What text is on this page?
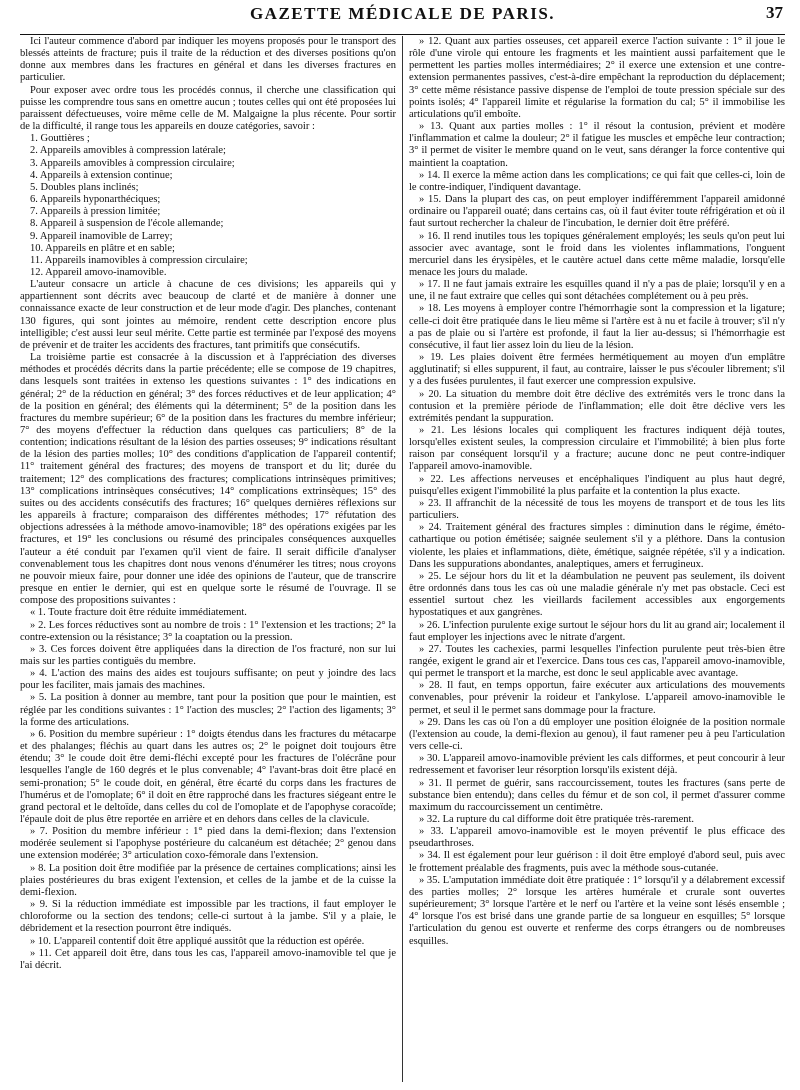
GAZETTE MÉDICALE DE PARIS.	37

Ici l'auteur commence d'abord par indiquer les moyens proposés pour le transport des blessés atteints de fracture; puis il traite de la réduction et des diverses positions qu'on donne aux membres dans les fractures en général et dans les diverses fractures en particulier.

Pour exposer avec ordre tous les procédés connus, il cherche une classification qui puisse les comprendre tous sans en omettre aucun ; toutes celles qui ont été proposées lui paraissent défectueuses, voire même celle de M. Malgaigne la plus récente. Pour sortir de la difficulté, il range tous les appareils en douze catégories, savoir :

1. Gouttières ;
2. Appareils amovibles à compression latérale;
3. Appareils amovibles à compression circulaire;
4. Appareils à extension continue;
5. Doubles plans inclinés;
6. Appareils hyponarthéciques;
7. Appareils à pression limitée;
8. Appareil à suspension de l'école allemande;
9. Appareil inamovible de Larrey;
10. Appareils en plâtre et en sable;
11. Appareils inamovibles à compression circulaire;
12. Appareil amovo-inamovible.

L'auteur consacre un article à chacune de ces divisions; les appareils qui y appartiennent sont décrits avec beaucoup de clarté et de manière à donner une connaissance exacte de leur construction et de leur mode d'agir. Des planches, contenant 130 figures, qui sont jointes au mémoire, rendent cette description encore plus intelligible; c'est aussi leur seul mérite. Cette partie est terminée par l'exposé des moyens de prévenir et de traiter les accidents des fractures, tant primitifs que consécutifs.

La troisième partie est consacrée à la discussion et à l'appréciation des diverses méthodes et procédés décrits dans la partie précédente; elle se compose de 19 chapitres, dans lesquels sont traitées in extenso les questions suivantes : 1° des indications en général; 2° de la réduction en général; 3° des forces réductives et de leur application; 4° de la position en général; des éléments qui la déterminent; 5° de la position dans les fractures du membre supérieur; 6° de la position dans les fractures du membre inférieur; 7° des moyens d'effectuer la réduction dans quelques cas particuliers; 8° de la contention; indications résultant de la lésion des parties osseuses; 9° indications résultant de la lésion des parties molles; 10° des conditions d'application de l'appareil contentif; 11° traitement général des fractures; des moyens de transport et du lit; durée du traitement; 12° des complications des fractures; complications intrinsèques primitives; 13° complications intrinsèques consécutives; 14° complications extrinsèques; 15° des suites ou des accidents consécutifs des fractures; 16° quelques dernières réflexions sur les appareils à fracture; comparaison des différentes méthodes; 17° réfutation des objections adressées à la méthode amovo-inamovible; 18° des opérations exigées par les fractures, et 19° les conclusions ou résumé des principales conséquences auxquelles l'auteur a été conduit par l'examen qu'il vient de faire. Il serait difficile d'analyser convenablement tous les chapitres dont nous venons d'énumérer les titres; nous croyons ne pouvoir mieux faire, pour donner une idée des opinions de l'auteur, que de transcrire presque en entier le dernier, qui est en quelque sorte le résumé de l'ouvrage. Il se compose des propositions suivantes :

« 1. Toute fracture doit être réduite immédiatement.

» 2. Les forces réductives sont au nombre de trois : 1° l'extension et les tractions; 2° la contre-extension ou la résistance; 3° la coaptation ou la pression.

» 3. Ces forces doivent être appliquées dans la direction de l'os fracturé, non sur lui mais sur les parties contiguës du membre.

» 4. L'action des mains des aides est toujours suffisante; on peut y joindre des lacs pour les faciliter, mais jamais des machines.

» 5. La position à donner au membre, tant pour la position que pour le maintien, est réglée par les conditions suivantes : 1° l'action des muscles; 2° l'action des ligaments; 3° la forme des articulations.

» 6. Position du membre supérieur : 1° doigts étendus dans les fractures du métacarpe et des phalanges; fléchis au quart dans les autres os; 2° le poignet doit toujours être étendu; 3° le coude doit être demi-fléchi excepté pour les fractures de l'olécrâne pour lesquelles l'angle de 160 degrés et le plus convenable; 4° l'avant-bras doit être placé en semi-pronation; 5° le coude doit, en général, être écarté du corps dans les fractures de l'humérus et de l'omoplate; 6° il doit en être rapproché dans les fractures siégeant entre le grand pectoral et le deltoïde, dans celles du col de l'omoplate et de l'apophyse coracoïde; l'épaule doit de plus être reportée en arrière et en dehors dans celles de la clavicule.

» 7. Position du membre inférieur : 1° pied dans la demi-flexion; dans l'extension modérée seulement si l'apophyse postérieure du calcanéum est détachée; 2° genou dans une extension modérée; 3° articulation coxo-fémorale dans l'extension.

» 8. La position doit être modifiée par la présence de certaines complications; ainsi les plaies postérieures du bras exigent l'extension, et celles de la jambe et de la cuisse la demi-flexion.

» 9. Si la réduction immédiate est impossible par les tractions, il faut employer le chloroforme ou la section des tendons; celle-ci surtout à la jambe. S'il y a plaie, le débridement et la resection pourront être indiqués.

» 10. L'appareil contentif doit être appliqué aussitôt que la réduction est opérée.

» 11. Cet appareil doit être, dans tous les cas, l'appareil amovo-inamovible tel que je l'ai décrit.

» 12. Quant aux parties osseuses, cet appareil exerce l'action suivante : 1° il joue le rôle d'une virole qui entoure les fragments et les maintient aussi parfaitement que le permettent les parties molles intermédiaires; 2° il exerce une extension et une contre-extension permanentes passives, c'est-à-dire empêchant la reproduction du déplacement; 3° cette même résistance passive dispense de l'emploi de toute pression spéciale sur des points isolés; 4° l'appareil limite et régularise la formation du cal; 5° il immobilise les articulations qu'il emboîte.

» 13. Quant aux parties molles : 1° il résout la contusion, prévient et modère l'inflammation et calme la douleur; 2° il fatigue les muscles et empêche leur contraction; 3° il permet de visiter le membre quand on le veut, sans déranger la force contentive qui maintient la coaptation.

» 14. Il exerce la même action dans les complications; ce qui fait que celles-ci, loin de le contre-indiquer, l'indiquent davantage.

» 15. Dans la plupart des cas, on peut employer indifféremment l'appareil amidonné ordinaire ou l'appareil ouaté; dans certains cas, où il faut éviter toute réfrigération et où il faut surtout rechercher la chaleur de l'incubation, le dernier doit être préféré.

» 16. Il rend inutiles tous les topiques généralement employés; les seuls qu'on peut lui associer avec avantage, sont le froid dans les violentes inflammations, l'onguent mercuriel dans les érysipèles, et le cautère actuel dans cette même maladie, lorsqu'elle menace les jours du malade.

» 17. Il ne faut jamais extraire les esquilles quand il n'y a pas de plaie; lorsqu'il y en a une, il ne faut extraire que celles qui sont détachées complétement ou à peu près.

» 18. Les moyens à employer contre l'hémorrhagie sont la compression et la ligature; celle-ci doit être pratiquée dans le lieu même si l'artère est à nu et facile à trouver; s'il n'y a pas de plaie ou si l'artère est profonde, il faut la lier au-dessus; si l'hémorrhagie est consécutive, il faut lier assez loin du lieu de la lésion.

» 19. Les plaies doivent être fermées hermétiquement au moyen d'un emplâtre agglutinatif; si elles suppurent, il faut, au contraire, laisser le pus s'écouler librement; s'il y a des fusées purulentes, il faut exercer une compression expulsive.

» 20. La situation du membre doit être déclive des extrémités vers le tronc dans la contusion et la première période de l'inflammation; elle doit être déclive vers les extrémités pendant la suppuration.

» 21. Les lésions locales qui compliquent les fractures indiquent déjà toutes, lorsqu'elles existent seules, la compression circulaire et l'immobilité; à bien plus forte raison par conséquent lorsqu'il y a fracture; aucune donc ne peut contre-indiquer l'appareil amovo-inamovible.

» 22. Les affections nerveuses et encéphaliques l'indiquent au plus haut degré, puisqu'elles exigent l'immobilité la plus parfaite et la contention la plus exacte.

» 23. Il affranchit de la nécessité de tous les moyens de transport et de tous les lits particuliers.

» 24. Traitement général des fractures simples : diminution dans le régime, éméto-cathartique ou potion émétisée; saignée seulement s'il y a pléthore. Dans la contusion violente, les plaies et inflammations, diète, émétique, saignée répétée, s'il y a indication. Dans les suppurations abondantes, analeptiques, amers et ferrugineux.

» 25. Le séjour hors du lit et la déambulation ne peuvent pas seulement, ils doivent être ordonnés dans tous les cas où une maladie générale n'y met pas obstacle. Ceci est essentiel surtout chez les vieillards facilement accessibles aux engorgements hypostatiques et aux gangrènes.

» 26. L'infection purulente exige surtout le séjour hors du lit au grand air; localement il faut employer les injections avec le nitrate d'argent.

» 27. Toutes les cachexies, parmi lesquelles l'infection purulente peut très-bien être rangée, exigent le grand air et l'exercice. Dans tous ces cas, l'appareil amovo-inamovible, qui permet le transport et la marche, est donc le seul applicable avec avantage.

» 28. Il faut, en temps opportun, faire exécuter aux articulations des mouvements convenables, pour prévenir la roideur et l'ankylose. L'appareil amovo-inamovible le permet, et seul il le permet sans dommage pour la fracture.

» 29. Dans les cas où l'on a dû employer une position éloignée de la position normale (l'extension au coude, la demi-flexion au genou), il faut ramener peu à peu l'articulation vers celle-ci.

» 30. L'appareil amovo-inamovible prévient les cals difformes, et peut concourir à leur redressement et favoriser leur résorption lorsqu'ils existent déjà.

» 31. Il permet de guérir, sans raccourcissement, toutes les fractures (sans perte de substance bien entendu); dans celles du fémur et de son col, il permet d'assurer comme maximum du raccourcissement un centimètre.

» 32. La rupture du cal difforme doit être pratiquée très-rarement.

» 33. L'appareil amovo-inamovible est le moyen préventif le plus efficace des pseudarthroses.

» 34. Il est également pour leur guérison : il doit être employé d'abord seul, puis avec le frottement préalable des fragments, puis avec la méthode sous-cutanée.

» 35. L'amputation immédiate doit être pratiquée : 1° lorsqu'il y a délabrement excessif des parties molles; 2° lorsque les artères humérale et crurale sont ouvertes supérieurement; 3° lorsque l'artère et le nerf ou l'artère et la veine sont lésés ensemble ; 4° lorsque l'os est brisé dans une grande partie de sa longueur en esquilles; 5° lorsque l'articulation du genou est ouverte et renferme des corps étrangers ou de nombreuses esquilles.
